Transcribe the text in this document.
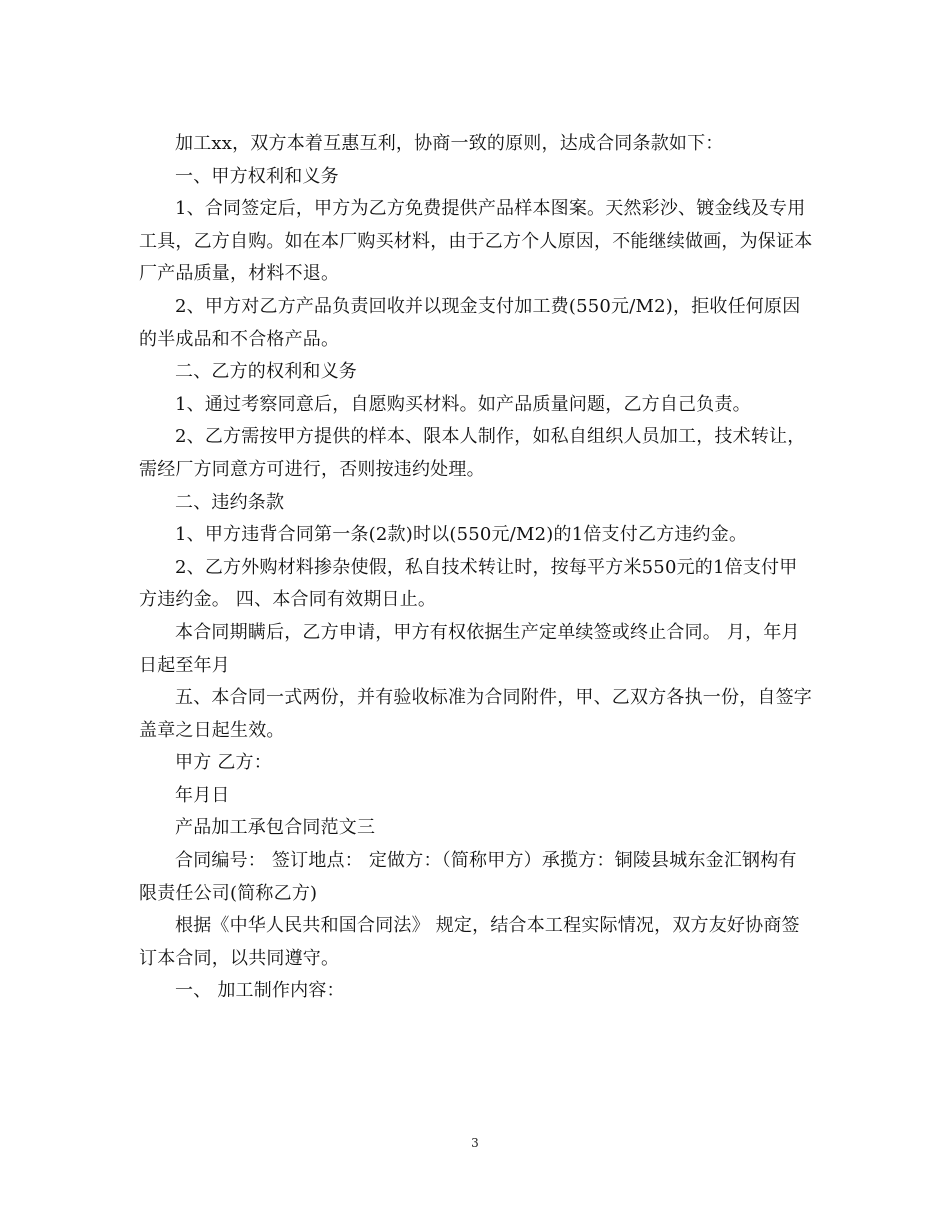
加工xx，双方本着互惠互利，协商一致的原则，达成合同条款如下：

一、甲方权利和义务

1、合同签定后，甲方为乙方免费提供产品样本图案。天然彩沙、镀金线及专用工具，乙方自购。如在本厂购买材料，由于乙方个人原因，不能继续做画，为保证本厂产品质量，材料不退。

2、甲方对乙方产品负责回收并以现金支付加工费(550元/M2)，拒收任何原因的半成品和不合格产品。

二、乙方的权利和义务

1、通过考察同意后，自愿购买材料。如产品质量问题，乙方自己负责。

2、乙方需按甲方提供的样本、限本人制作，如私自组织人员加工，技术转让，需经厂方同意方可进行，否则按违约处理。

二、违约条款

1、甲方违背合同第一条(2款)时以(550元/M2)的1倍支付乙方违约金。

2、乙方外购材料掺杂使假，私自技术转让时，按每平方米550元的1倍支付甲方违约金。 四、本合同有效期日止。

本合同期瞒后，乙方申请，甲方有权依据生产定单续签或终止合同。 月，年月日起至年月

五、本合同一式两份，并有验收标准为合同附件，甲、乙双方各执一份，自签字盖章之日起生效。

甲方 乙方：

年月日

产品加工承包合同范文三

合同编号： 签订地点： 定做方：（简称甲方）承揽方：铜陵县城东金汇钢构有限责任公司(简称乙方)

根据《中华人民共和国合同法》 规定，结合本工程实际情况，双方友好协商签订本合同，以共同遵守。

一、 加工制作内容：

3
